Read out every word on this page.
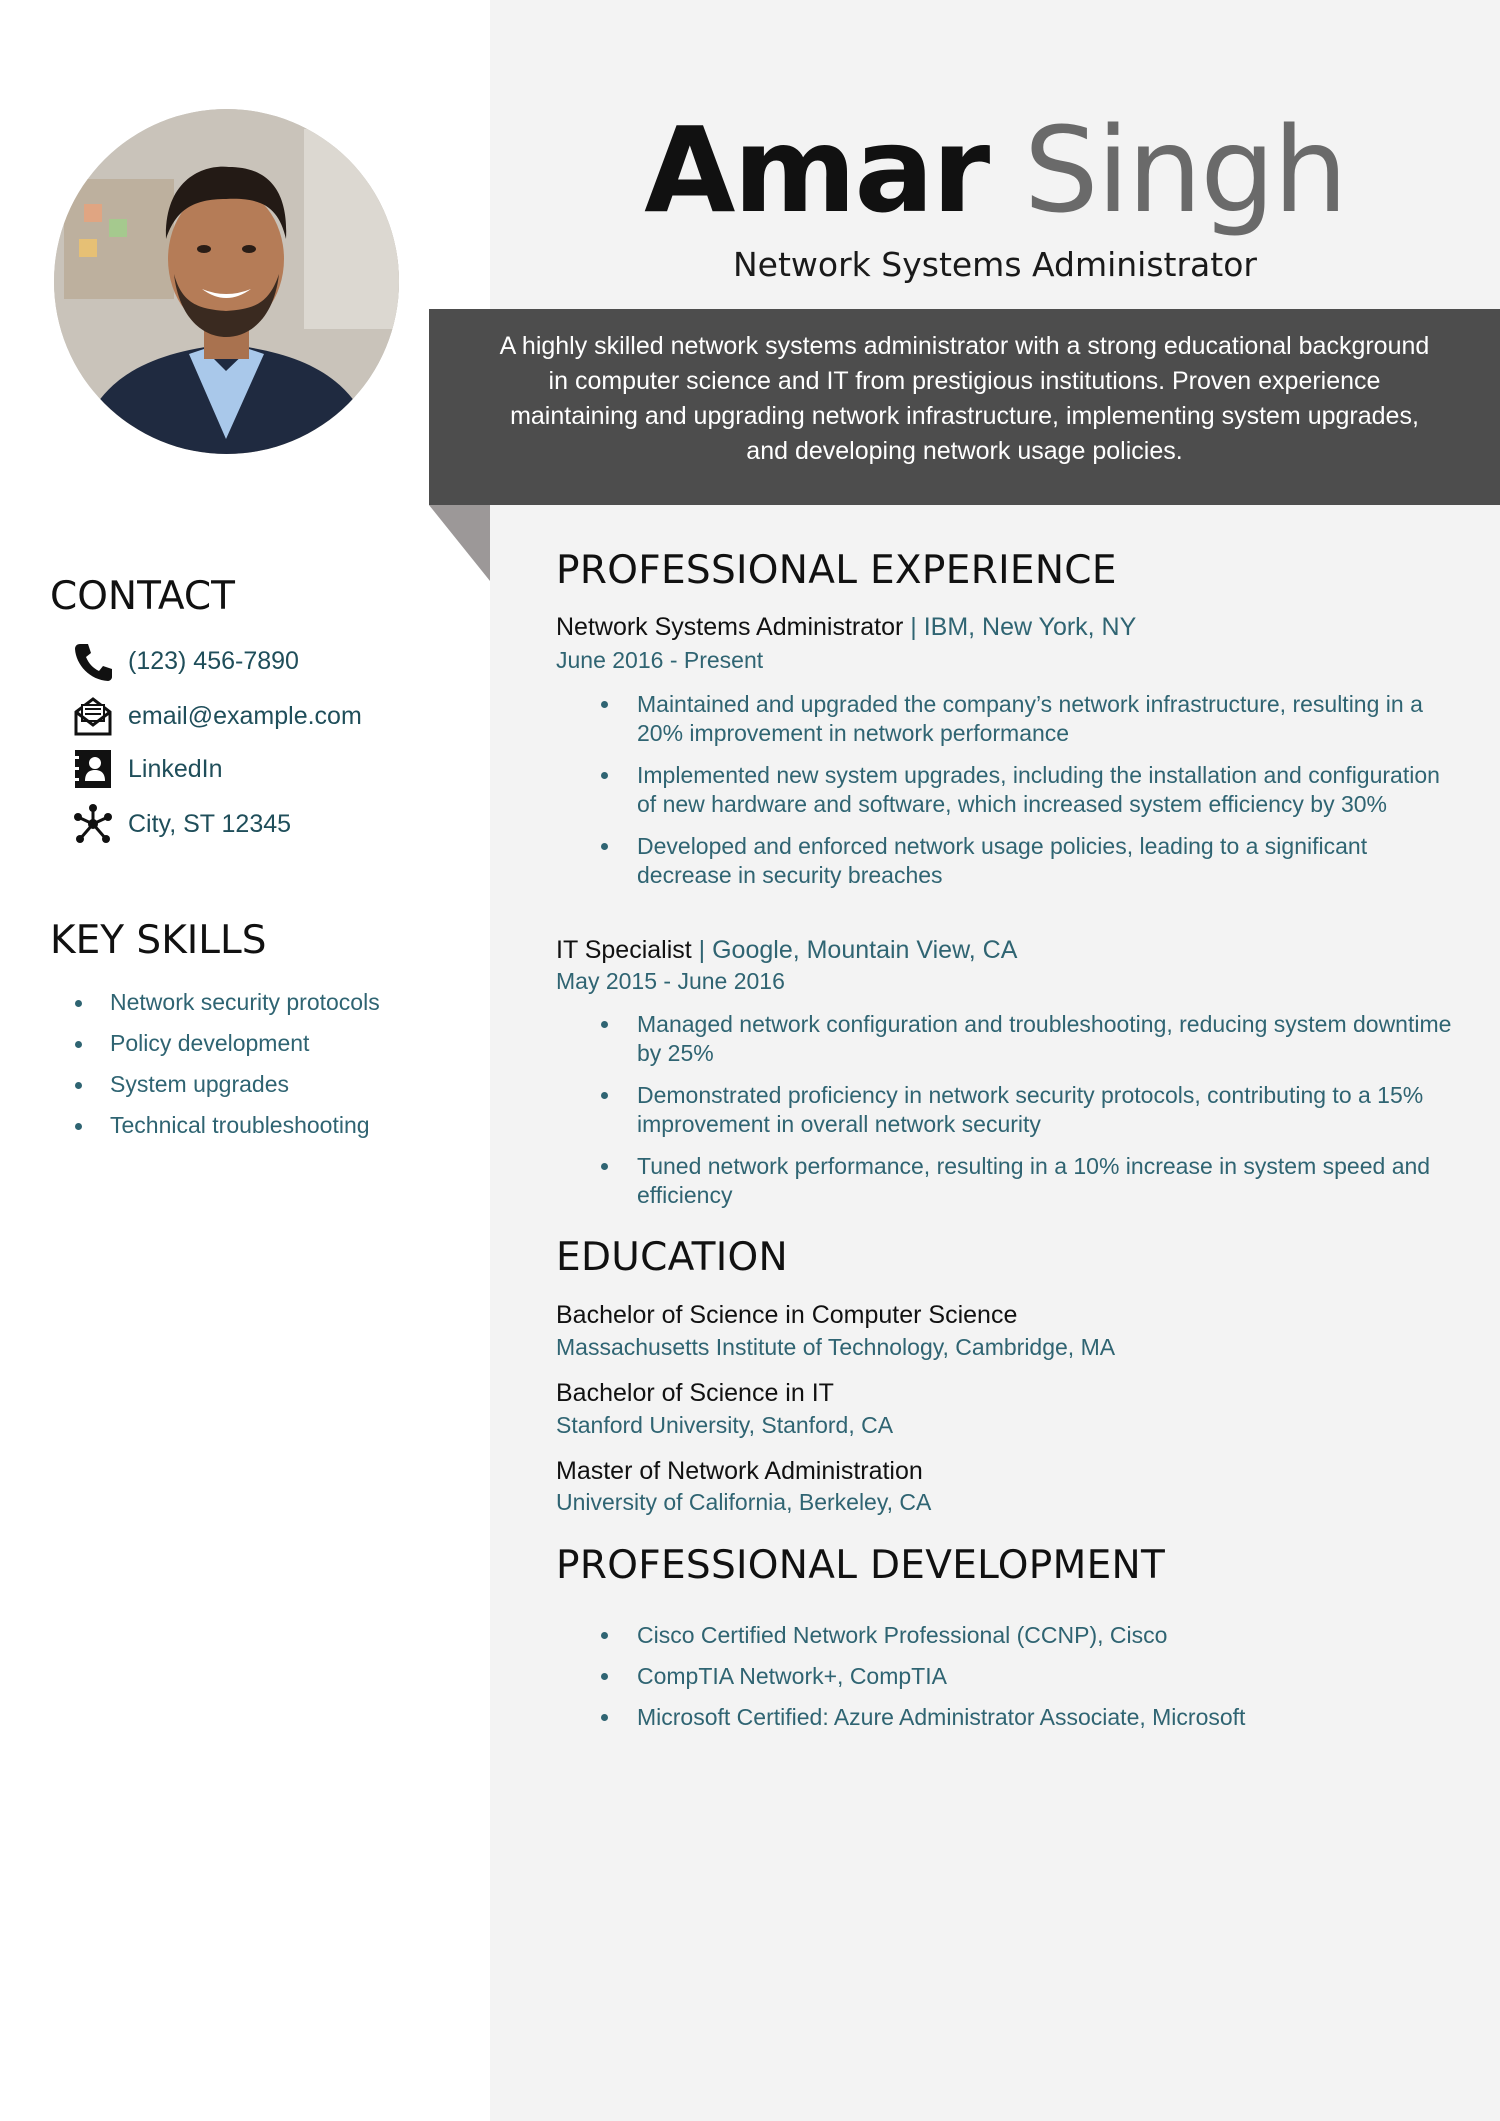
Amar Singh
Network Systems Administrator
A highly skilled network systems administrator with a strong educational background in computer science and IT from prestigious institutions. Proven experience maintaining and upgrading network infrastructure, implementing system upgrades, and developing network usage policies.
CONTACT
(123) 456-7890
email@example.com
LinkedIn
City, ST 12345
KEY SKILLS
Network security protocols
Policy development
System upgrades
Technical troubleshooting
PROFESSIONAL EXPERIENCE
Network Systems Administrator | IBM, New York, NY
June 2016 - Present
Maintained and upgraded the company’s network infrastructure, resulting in a 20% improvement in network performance
Implemented new system upgrades, including the installation and configuration of new hardware and software, which increased system efficiency by 30%
Developed and enforced network usage policies, leading to a significant decrease in security breaches
IT Specialist | Google, Mountain View, CA
May 2015 - June 2016
Managed network configuration and troubleshooting, reducing system downtime by 25%
Demonstrated proficiency in network security protocols, contributing to a 15% improvement in overall network security
Tuned network performance, resulting in a 10% increase in system speed and efficiency
EDUCATION
Bachelor of Science in Computer Science
Massachusetts Institute of Technology, Cambridge, MA
Bachelor of Science in IT
Stanford University, Stanford, CA
Master of Network Administration
University of California, Berkeley, CA
PROFESSIONAL DEVELOPMENT
Cisco Certified Network Professional (CCNP), Cisco
CompTIA Network+, CompTIA
Microsoft Certified: Azure Administrator Associate, Microsoft
